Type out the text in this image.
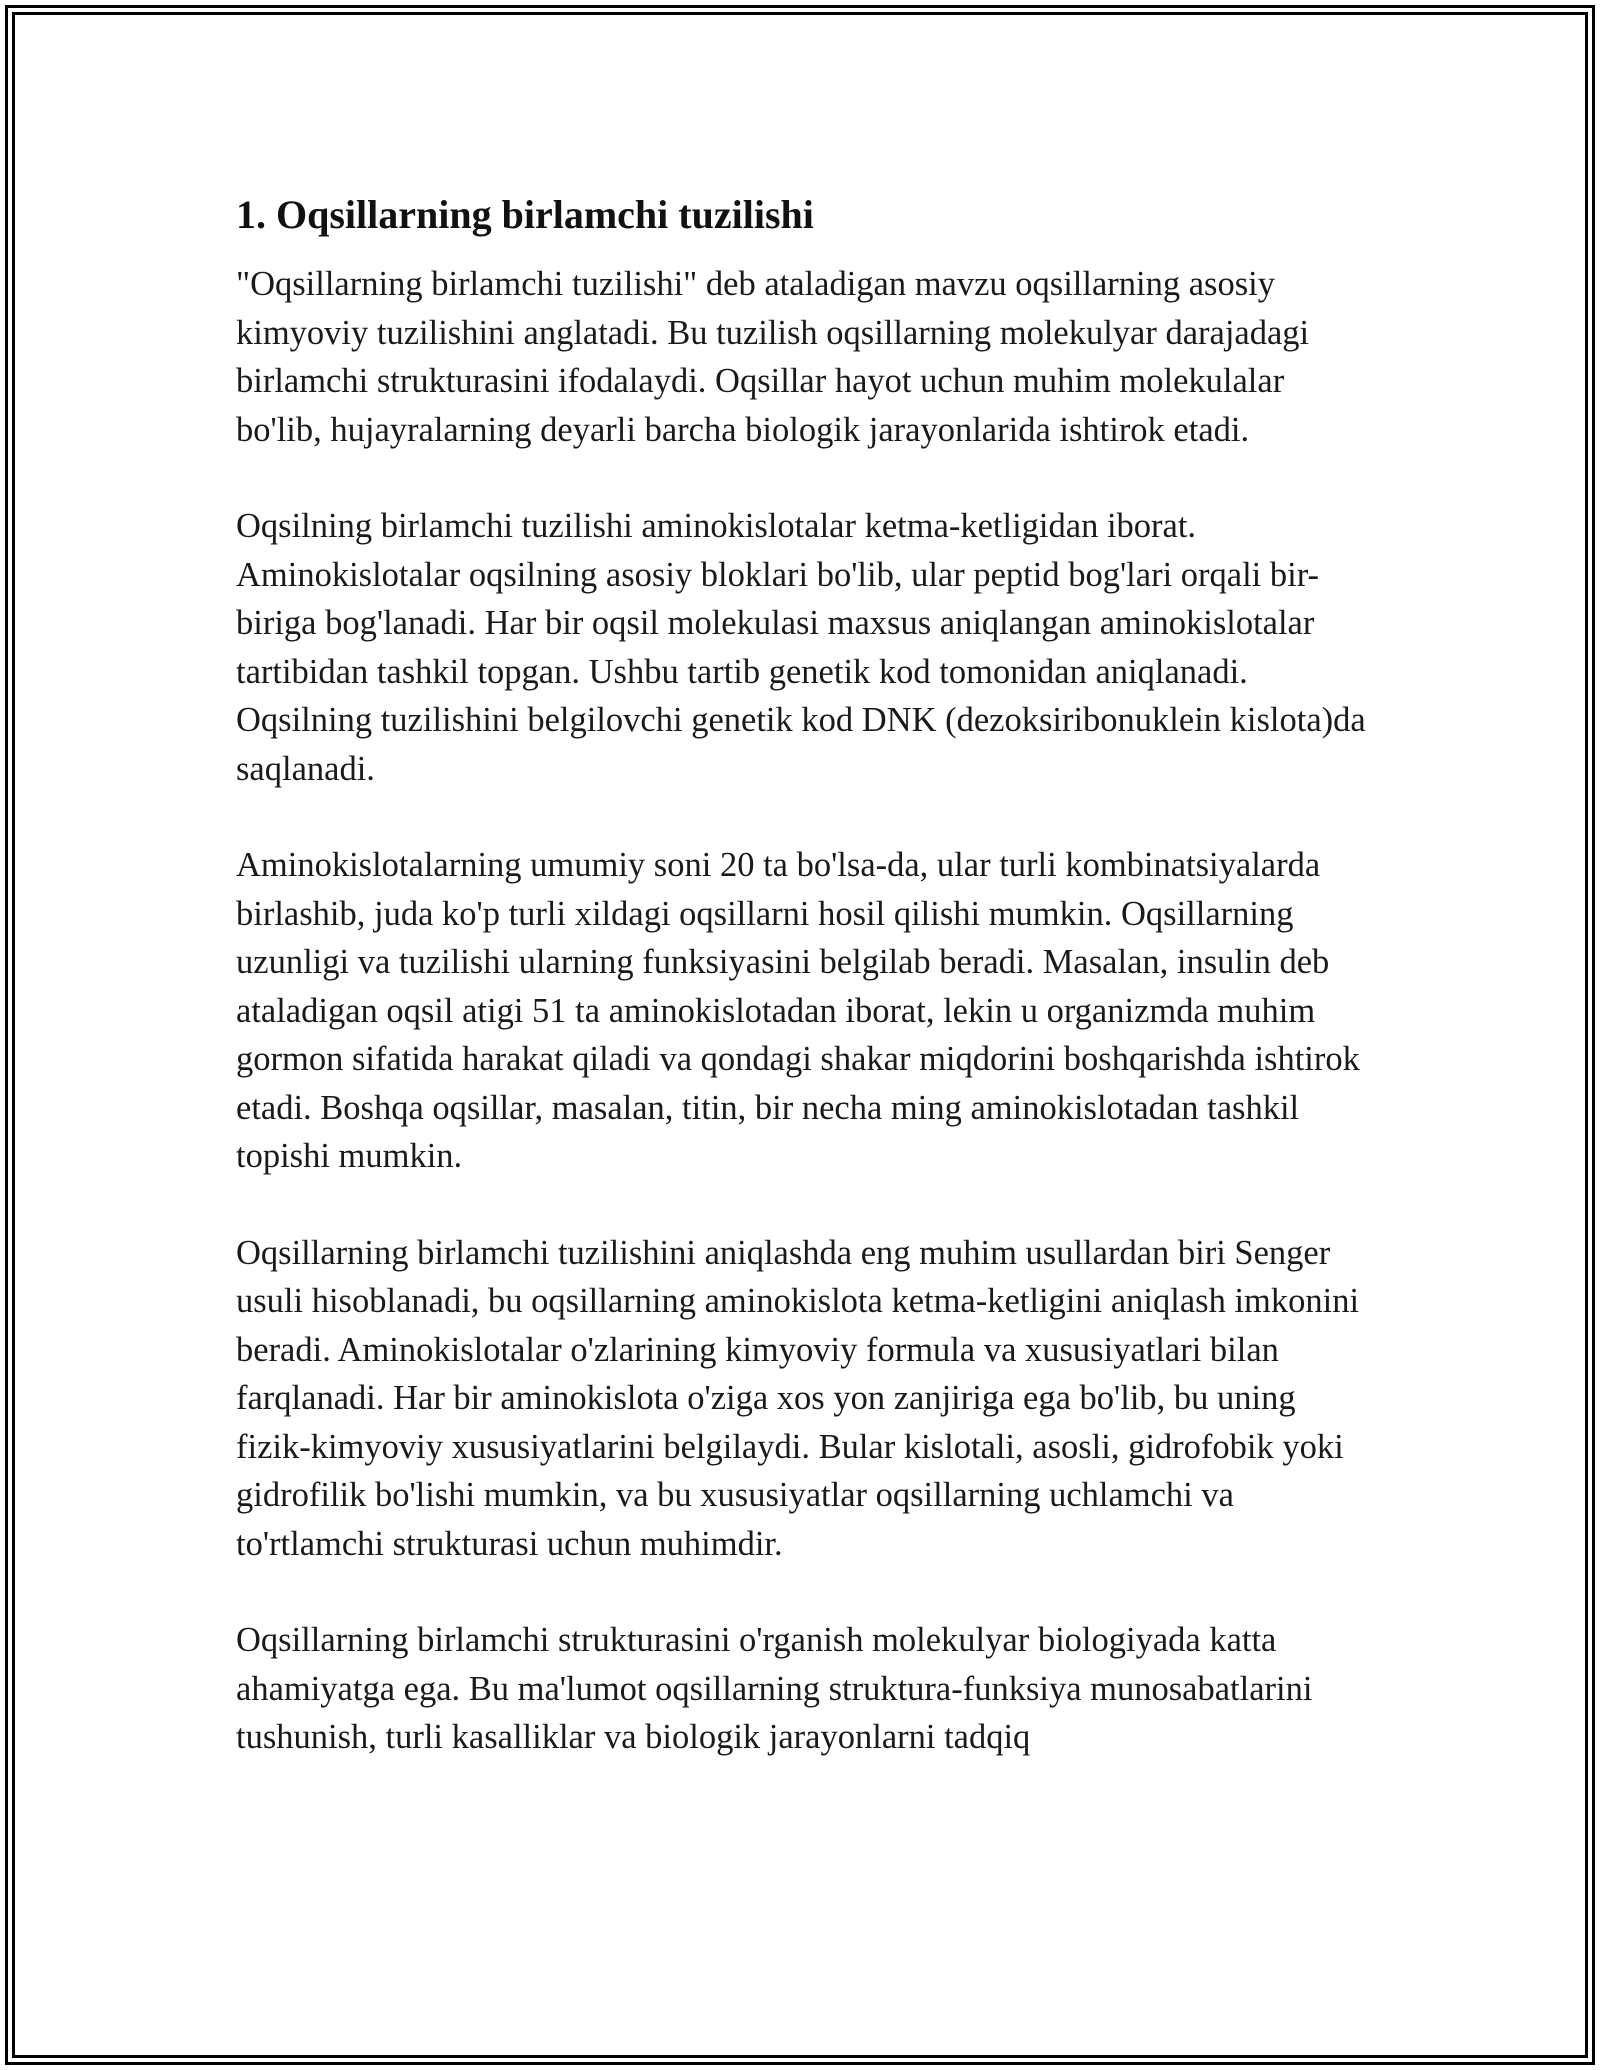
1. Oqsillarning birlamchi tuzilishi

"Oqsillarning birlamchi tuzilishi" deb ataladigan mavzu oqsillarning asosiy kimyoviy tuzilishini anglatadi. Bu tuzilish oqsillarning molekulyar darajadagi birlamchi strukturasini ifodalaydi. Oqsillar hayot uchun muhim molekulalar bo'lib, hujayralarning deyarli barcha biologik jarayonlarida ishtirok etadi.

Oqsilning birlamchi tuzilishi aminokislotalar ketma-ketligidan iborat. Aminokislotalar oqsilning asosiy bloklari bo'lib, ular peptid bog'lari orqali bir-biriga bog'lanadi. Har bir oqsil molekulasi maxsus aniqlangan aminokislotalar tartibidan tashkil topgan. Ushbu tartib genetik kod tomonidan aniqlanadi. Oqsilning tuzilishini belgilovchi genetik kod DNK (dezoksiribonuklein kislota)da saqlanadi.

Aminokislotalarning umumiy soni 20 ta bo'lsa-da, ular turli kombinatsiyalarda birlashib, juda ko'p turli xildagi oqsillarni hosil qilishi mumkin. Oqsillarning uzunligi va tuzilishi ularning funksiyasini belgilab beradi. Masalan, insulin deb ataladigan oqsil atigi 51 ta aminokislotadan iborat, lekin u organizmda muhim gormon sifatida harakat qiladi va qondagi shakar miqdorini boshqarishda ishtirok etadi. Boshqa oqsillar, masalan, titin, bir necha ming aminokislotadan tashkil topishi mumkin.

Oqsillarning birlamchi tuzilishini aniqlashda eng muhim usullardan biri Senger usuli hisoblanadi, bu oqsillarning aminokislota ketma-ketligini aniqlash imkonini beradi. Aminokislotalar o'zlarining kimyoviy formula va xususiyatlari bilan farqlanadi. Har bir aminokislota o'ziga xos yon zanjiriga ega bo'lib, bu uning fizik-kimyoviy xususiyatlarini belgilaydi. Bular kislotali, asosli, gidrofobik yoki gidrofilik bo'lishi mumkin, va bu xususiyatlar oqsillarning uchlamchi va to'rtlamchi strukturasi uchun muhimdir.

Oqsillarning birlamchi strukturasini o'rganish molekulyar biologiyada katta ahamiyatga ega. Bu ma'lumot oqsillarning struktura-funksiya munosabatlarini tushunish, turli kasalliklar va biologik jarayonlarni tadqiq
